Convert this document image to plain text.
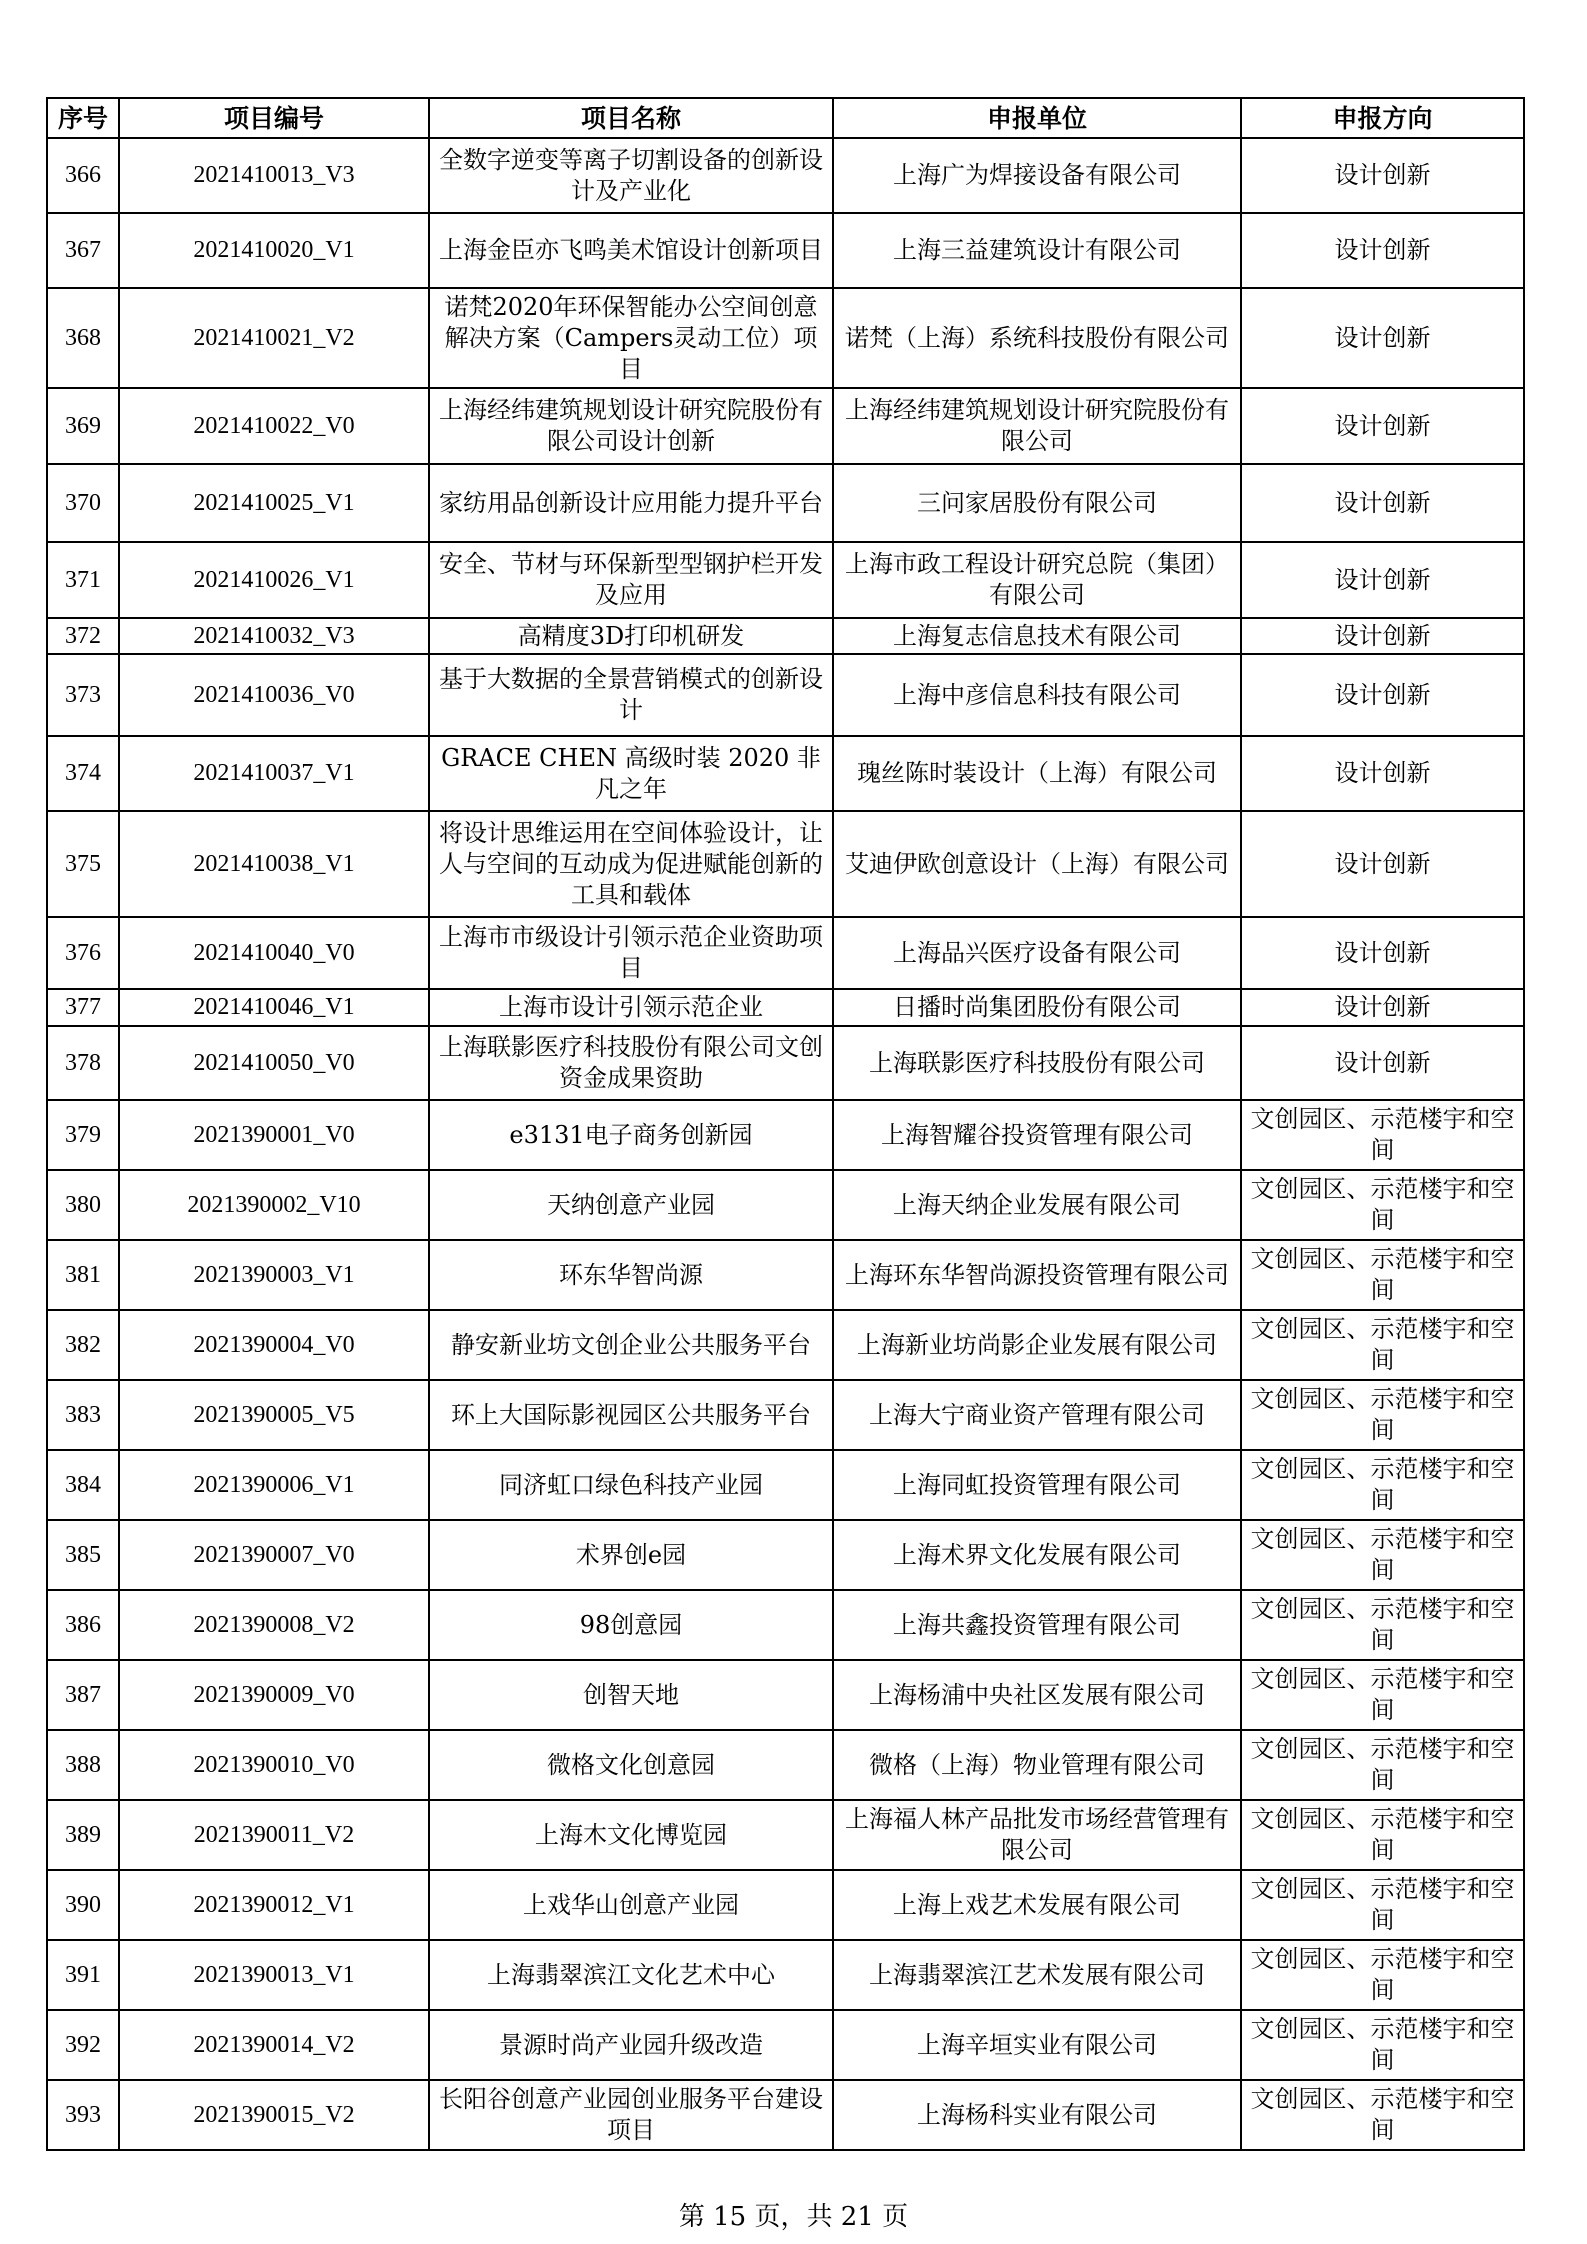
序号	项目编号	项目名称	申报单位	申报方向
366	2021410013_V3	全数字逆变等离子切割设备的创新设计及产业化	上海广为焊接设备有限公司	设计创新
367	2021410020_V1	上海金臣亦飞鸣美术馆设计创新项目	上海三益建筑设计有限公司	设计创新
368	2021410021_V2	诺梵2020年环保智能办公空间创意解决方案（Campers灵动工位）项目	诺梵（上海）系统科技股份有限公司	设计创新
369	2021410022_V0	上海经纬建筑规划设计研究院股份有限公司设计创新	上海经纬建筑规划设计研究院股份有限公司	设计创新
370	2021410025_V1	家纺用品创新设计应用能力提升平台	三问家居股份有限公司	设计创新
371	2021410026_V1	安全、节材与环保新型型钢护栏开发及应用	上海市政工程设计研究总院（集团）有限公司	设计创新
372	2021410032_V3	高精度3D打印机研发	上海复志信息技术有限公司	设计创新
373	2021410036_V0	基于大数据的全景营销模式的创新设计	上海中彦信息科技有限公司	设计创新
374	2021410037_V1	GRACE CHEN 高级时装 2020 非凡之年	瑰丝陈时装设计（上海）有限公司	设计创新
375	2021410038_V1	将设计思维运用在空间体验设计，让人与空间的互动成为促进赋能创新的工具和载体	艾迪伊欧创意设计（上海）有限公司	设计创新
376	2021410040_V0	上海市市级设计引领示范企业资助项目	上海品兴医疗设备有限公司	设计创新
377	2021410046_V1	上海市设计引领示范企业	日播时尚集团股份有限公司	设计创新
378	2021410050_V0	上海联影医疗科技股份有限公司文创资金成果资助	上海联影医疗科技股份有限公司	设计创新
379	2021390001_V0	e3131电子商务创新园	上海智耀谷投资管理有限公司	文创园区、示范楼宇和空间
380	2021390002_V10	天纳创意产业园	上海天纳企业发展有限公司	文创园区、示范楼宇和空间
381	2021390003_V1	环东华智尚源	上海环东华智尚源投资管理有限公司	文创园区、示范楼宇和空间
382	2021390004_V0	静安新业坊文创企业公共服务平台	上海新业坊尚影企业发展有限公司	文创园区、示范楼宇和空间
383	2021390005_V5	环上大国际影视园区公共服务平台	上海大宁商业资产管理有限公司	文创园区、示范楼宇和空间
384	2021390006_V1	同济虹口绿色科技产业园	上海同虹投资管理有限公司	文创园区、示范楼宇和空间
385	2021390007_V0	术界创e园	上海术界文化发展有限公司	文创园区、示范楼宇和空间
386	2021390008_V2	98创意园	上海共鑫投资管理有限公司	文创园区、示范楼宇和空间
387	2021390009_V0	创智天地	上海杨浦中央社区发展有限公司	文创园区、示范楼宇和空间
388	2021390010_V0	微格文化创意园	微格（上海）物业管理有限公司	文创园区、示范楼宇和空间
389	2021390011_V2	上海木文化博览园	上海福人林产品批发市场经营管理有限公司	文创园区、示范楼宇和空间
390	2021390012_V1	上戏华山创意产业园	上海上戏艺术发展有限公司	文创园区、示范楼宇和空间
391	2021390013_V1	上海翡翠滨江文化艺术中心	上海翡翠滨江艺术发展有限公司	文创园区、示范楼宇和空间
392	2021390014_V2	景源时尚产业园升级改造	上海辛垣实业有限公司	文创园区、示范楼宇和空间
393	2021390015_V2	长阳谷创意产业园创业服务平台建设项目	上海杨科实业有限公司	文创园区、示范楼宇和空间
第 15 页，共 21 页
